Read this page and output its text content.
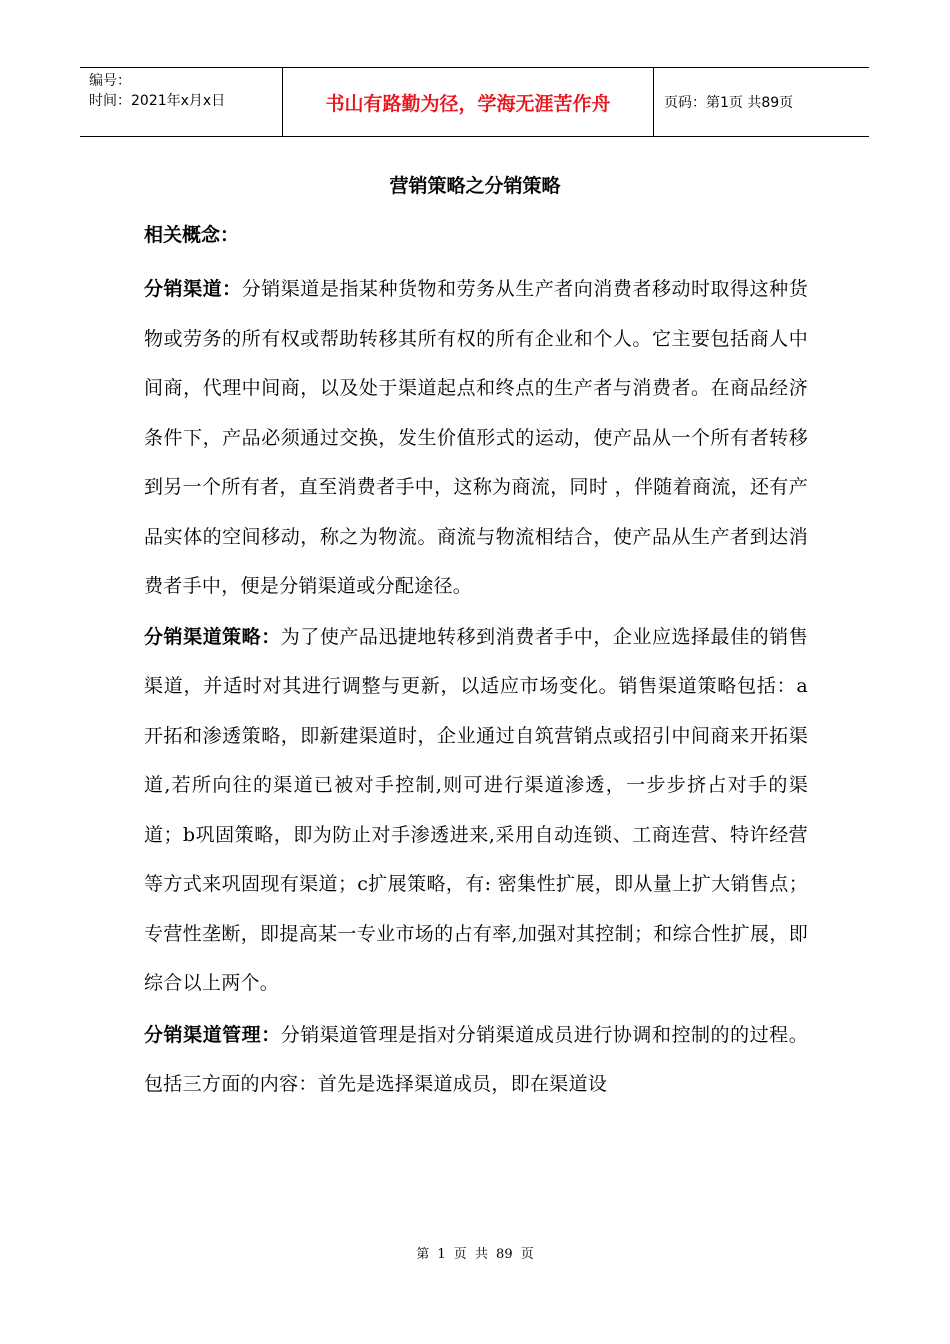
编号：
时间：2021年x月x日	书山有路勤为径，学海无涯苦作舟	页码：第1页 共89页
营销策略之分销策略
相关概念：

分销渠道：分销渠道是指某种货物和劳务从生产者向消费者移动时取得这种货物或劳务的所有权或帮助转移其所有权的所有企业和个人。它主要包括商人中间商，代理中间商，以及处于渠道起点和终点的生产者与消费者。在商品经济条件下，产品必须通过交换，发生价值形式的运动，使产品从一个所有者转移到另一个所有者，直至消费者手中，这称为商流，同时 ，伴随着商流，还有产品实体的空间移动，称之为物流。商流与物流相结合，使产品从生产者到达消费者手中，便是分销渠道或分配途径。

分销渠道策略：为了使产品迅捷地转移到消费者手中，企业应选择最佳的销售渠道，并适时对其进行调整与更新，以适应市场变化。销售渠道策略包括：a开拓和渗透策略，即新建渠道时，企业通过自筑营销点或招引中间商来开拓渠道,若所向往的渠道已被对手控制,则可进行渠道渗透，一步步挤占对手的渠道；b巩固策略，即为防止对手渗透进来,采用自动连锁、工商连营、特许经营等方式来巩固现有渠道；c扩展策略，有: 密集性扩展，即从量上扩大销售点；专营性垄断，即提高某一专业市场的占有率,加强对其控制；和综合性扩展，即综合以上两个。

分销渠道管理：分销渠道管理是指对分销渠道成员进行协调和控制的的过程。包括三方面的内容：首先是选择渠道成员，即在渠道设

第 1 页 共 89 页
